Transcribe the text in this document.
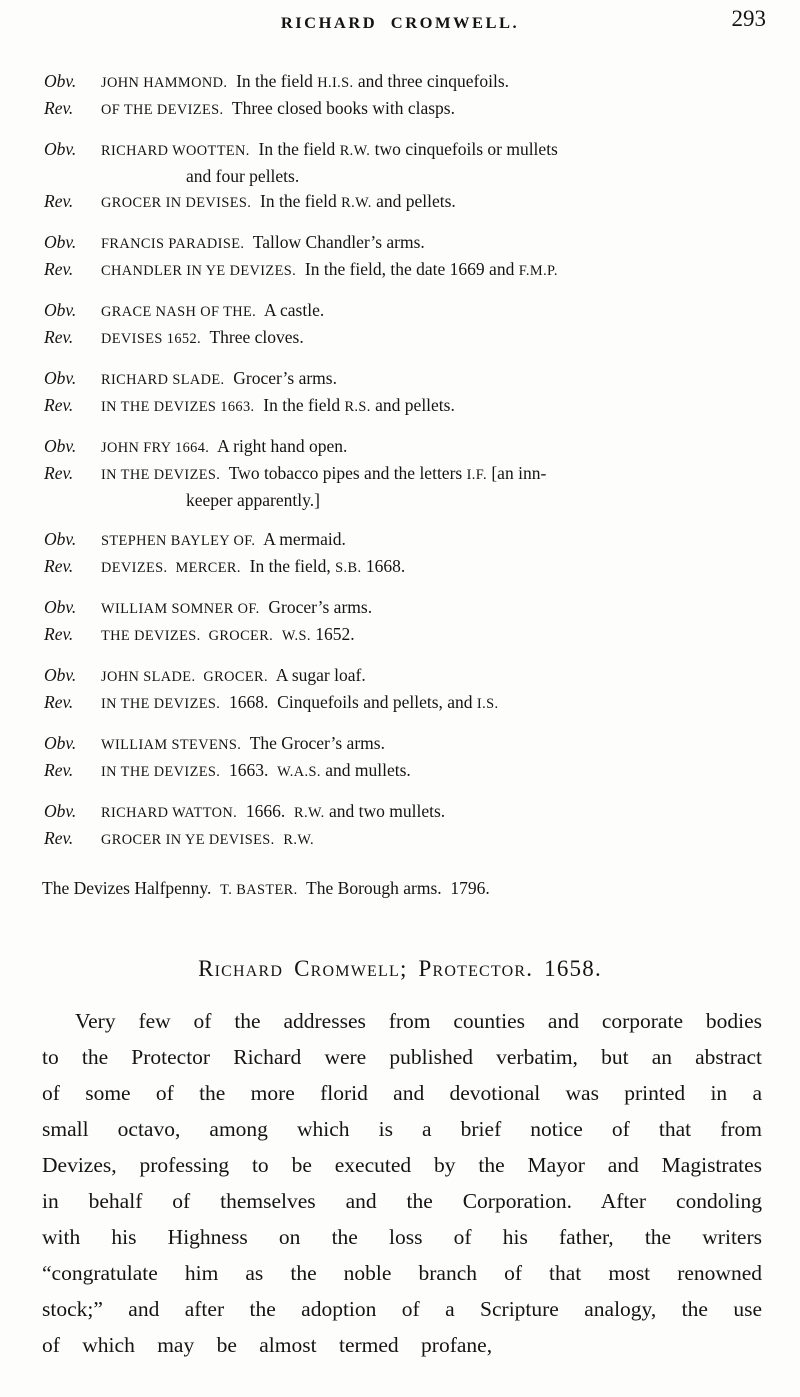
RICHARD CROMWELL.	293
Obv.	JOHN HAMMOND.  In the field H.I.S. and three cinquefoils.
Rev.	OF THE DEVIZES.  Three closed books with clasps.
Obv.	RICHARD WOOTTEN.  In the field R.W. two cinquefoils or mullets
and four pellets.
Rev.	GROCER IN DEVISES.  In the field R.W. and pellets.
Obv.	FRANCIS PARADISE.  Tallow Chandler’s arms.
Rev.	CHANDLER IN YE DEVIZES.  In the field, the date 1669 and F.M.P.
Obv.	GRACE NASH OF THE.  A castle.
Rev.	DEVISES 1652.  Three cloves.
Obv.	RICHARD SLADE.  Grocer’s arms.
Rev.	IN THE DEVIZES 1663.  In the field R.S. and pellets.
Obv.	JOHN FRY 1664.  A right hand open.
Rev.	IN THE DEVIZES.  Two tobacco pipes and the letters I.F. [an inn-
keeper apparently.]
Obv.	STEPHEN BAYLEY OF.  A mermaid.
Rev.	DEVIZES.  MERCER.  In the field, S.B. 1668.
Obv.	WILLIAM SOMNER OF.  Grocer’s arms.
Rev.	THE DEVIZES.  GROCER. W.S. 1652.
Obv.	JOHN SLADE.  GROCER.  A sugar loaf.
Rev.	IN THE DEVIZES.  1668.  Cinquefoils and pellets, and I.S.
Obv.	WILLIAM STEVENS.  The Grocer’s arms.
Rev.	IN THE DEVIZES.  1663.  W.A.S. and mullets.
Obv.	RICHARD WATTON.  1666.  R.W. and two mullets.
Rev.	GROCER IN YE DEVISES. R.W.
The Devizes Halfpenny.  T. BASTER.  The Borough arms.  1796.
Richard Cromwell; Protector. 1658.
Very few of the addresses from counties and corporate bodies to the Protector Richard were published verbatim, but an abstract of some of the more florid and devotional was printed in a small octavo, among which is a brief notice of that from Devizes, professing to be executed by the Mayor and Magistrates in behalf of themselves and the Corporation. After condoling with his Highness on the loss of his father, the writers “congratulate him as the noble branch of that most renowned stock;” and after the adoption of a Scripture analogy, the use of which may be almost termed profane,
